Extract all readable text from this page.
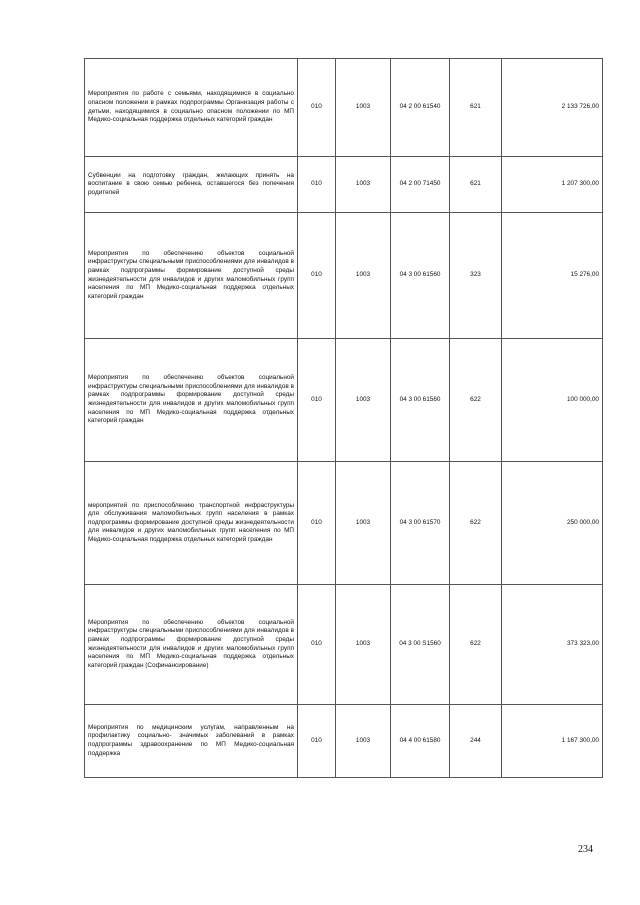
Мероприятия по работе с семьями, находящимися в социально опасном положении в рамках подпрограммы Организация работы с детьми, находящимися в социально опасном положении по МП Медико-социальная поддержка отдельных категорий граждан	010	1003	04 2 00 61540	621	2 133 726,00
Субвенции на подготовку граждан, желающих принять на воспитание в свою семью ребенка, оставшегося без попечения родителей	010	1003	04 2 00 71450	621	1 207 300,00
Мероприятия по обеспечению объектов социальной инфраструктуры специальными приспособлениями для инвалидов в рамках подпрограммы формирование доступной среды жизнедеятельности для инвалидов и других маломобильных групп населения по МП Медико-социальная поддержка отдельных категорий граждан	010	1003	04 3 00 61560	323	15 276,00
Мероприятия по обеспечению объектов социальной инфраструктуры специальными приспособлениями для инвалидов в рамках подпрограммы формирование доступной среды жизнедеятельности для инвалидов и других маломобильных групп населения по МП Медико-социальная поддержка отдельных категорий граждан	010	1003	04 3 00 61560	622	100 000,00
мероприятий по приспособлению транспортной инфраструктуры для обслуживания маломобильных групп населения в рамках подпрограммы формирование доступной среды жизнедеятельности для инвалидов и других маломобильных групп населения по МП Медико-социальная поддержка отдельных категорий граждан	010	1003	04 3 00 61570	622	250 000,00
Мероприятия по обеспечению объектов социальной инфраструктуры специальными приспособлениями для инвалидов в рамках подпрограммы формирование доступной среды жизнедеятельности для инвалидов и других маломобильных групп населения по МП Медико-социальная поддержка отдельных категорий граждан (Софинансирование)	010	1003	04 3 00 S1560	622	373 323,00
Мероприятия по медицинским услугам, направленным на профилактику социально- значимых заболеваний в рамках подпрограммы здравоохранение по МП Медико-социальная поддержка	010	1003	04 4 00 61580	244	1 167 300,00
234
